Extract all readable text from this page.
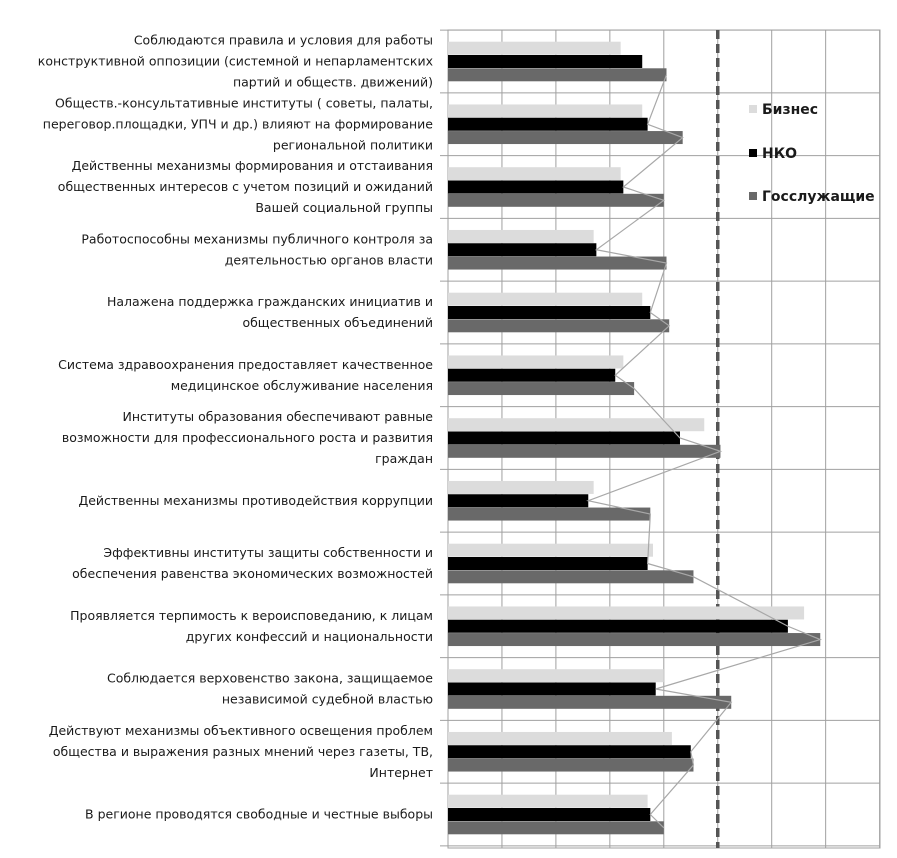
Соблюдаются правила и условия для работы
конструктивной оппозиции (системной и непарламентских
партий и обществ. движений)
Обществ.-консультативные институты ( советы, палаты,
переговор.площадки, УПЧ и др.) влияют на формирование
региональной политики
Действенны механизмы формирования и отстаивания
общественных интересов с учетом позиций и ожиданий
Вашей социальной группы
Работоспособны механизмы публичного контроля за
деятельностью органов власти
Налажена поддержка гражданских инициатив и
общественных объединений
Система здравоохранения предоставляет качественное
медицинское обслуживание населения
Институты образования обеспечивают равные
возможности для профессионального роста и развития
граждан
Действенны механизмы противодействия коррупции
Эффективны институты защиты собственности и
обеспечения равенства экономических возможностей
Проявляется терпимость к вероисповеданию, к лицам
других конфессий и национальности
Соблюдается верховенство закона, защищаемое
независимой судебной властью
Действуют механизмы объективного освещения проблем
общества и выражения разных мнений через газеты, ТВ,
Интернет
В регионе проводятся свободные и честные выборы
Бизнес
НКО
Госслужащие
